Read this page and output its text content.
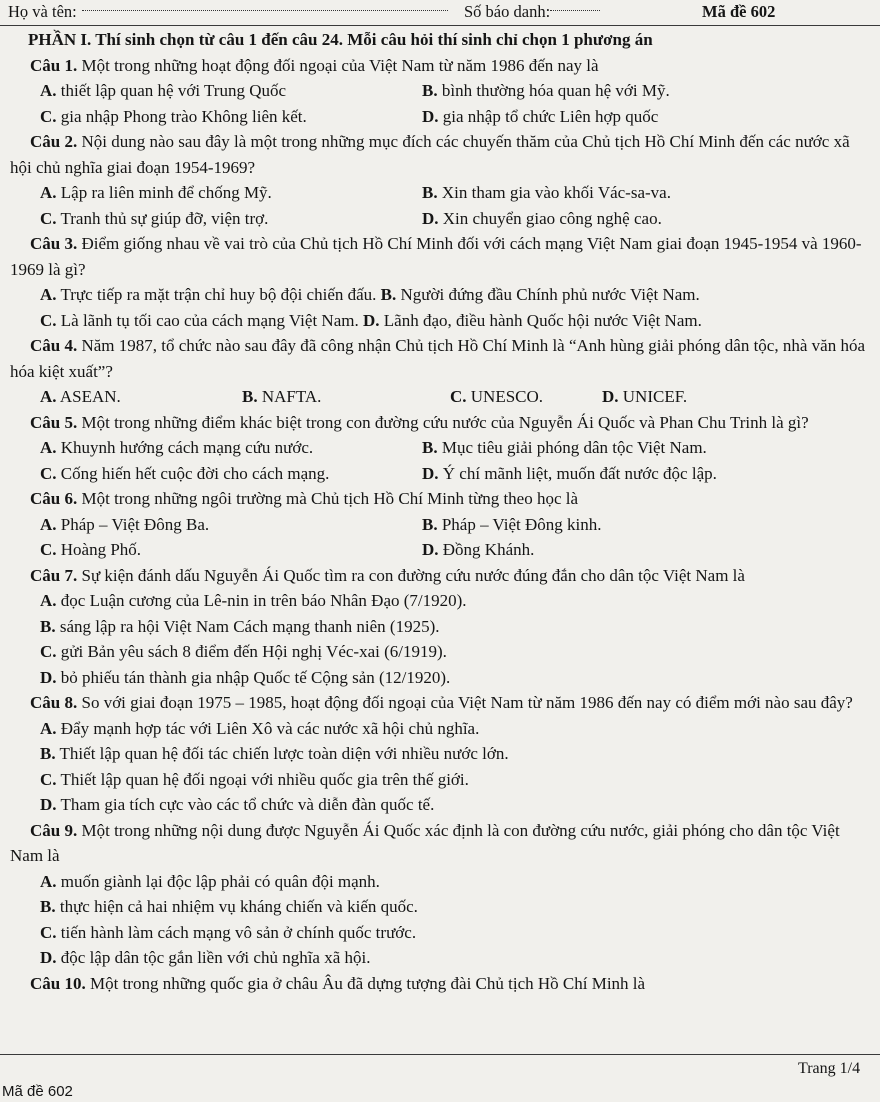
Họ và tên:	Số báo danh:	Mã đề 602

PHẦN I. Thí sinh chọn từ câu 1 đến câu 24. Mỗi câu hỏi thí sinh chỉ chọn 1 phương án

Câu 1. Một trong những hoạt động đối ngoại của Việt Nam từ năm 1986 đến nay là

A. thiết lập quan hệ với Trung Quốc	B. bình thường hóa quan hệ với Mỹ.
C. gia nhập Phong trào Không liên kết.	D. gia nhập tổ chức Liên hợp quốc

Câu 2. Nội dung nào sau đây là một trong những mục đích các chuyến thăm của Chủ tịch Hồ Chí Minh đến các nước xã hội chủ nghĩa giai đoạn 1954-1969?

A. Lập ra liên minh để chống Mỹ.	B. Xin tham gia vào khối Vác-sa-va.
C. Tranh thủ sự giúp đỡ, viện trợ.	D. Xin chuyển giao công nghệ cao.

Câu 3. Điểm giống nhau về vai trò của Chủ tịch Hồ Chí Minh đối với cách mạng Việt Nam giai đoạn 1945-1954 và 1960-1969 là gì?

A. Trực tiếp ra mặt trận chỉ huy bộ đội chiến đấu. B. Người đứng đầu Chính phủ nước Việt Nam.

C. Là lãnh tụ tối cao của cách mạng Việt Nam. D. Lãnh đạo, điều hành Quốc hội nước Việt Nam.

Câu 4. Năm 1987, tổ chức nào sau đây đã công nhận Chủ tịch Hồ Chí Minh là “Anh hùng giải phóng dân tộc, nhà văn hóa hóa kiệt xuất”?

A. ASEAN.	B. NAFTA.	C. UNESCO.	D. UNICEF.

Câu 5. Một trong những điểm khác biệt trong con đường cứu nước của Nguyễn Ái Quốc và Phan Chu Trinh là gì?

A. Khuynh hướng cách mạng cứu nước.	B. Mục tiêu giải phóng dân tộc Việt Nam.
C. Cống hiến hết cuộc đời cho cách mạng.	D. Ý chí mãnh liệt, muốn đất nước độc lập.

Câu 6. Một trong những ngôi trường mà Chủ tịch Hồ Chí Minh từng theo học là

A. Pháp – Việt Đông Ba.	B. Pháp – Việt Đông kinh.
C. Hoàng Phố.	D. Đồng Khánh.

Câu 7. Sự kiện đánh dấu Nguyễn Ái Quốc tìm ra con đường cứu nước đúng đắn cho dân tộc Việt Nam là

A. đọc Luận cương của Lê-nin in trên báo Nhân Đạo (7/1920).

B. sáng lập ra hội Việt Nam Cách mạng thanh niên (1925).

C. gửi Bản yêu sách 8 điểm đến Hội nghị Véc-xai (6/1919).

D. bỏ phiếu tán thành gia nhập Quốc tế Cộng sản (12/1920).

Câu 8. So với giai đoạn 1975 – 1985, hoạt động đối ngoại của Việt Nam từ năm 1986 đến nay có điểm mới nào sau đây?

A. Đẩy mạnh hợp tác với Liên Xô và các nước xã hội chủ nghĩa.

B. Thiết lập quan hệ đối tác chiến lược toàn diện với nhiều nước lớn.

C. Thiết lập quan hệ đối ngoại với nhiều quốc gia trên thế giới.

D. Tham gia tích cực vào các tổ chức và diễn đàn quốc tế.

Câu 9. Một trong những nội dung được Nguyễn Ái Quốc xác định là con đường cứu nước, giải phóng cho dân tộc Việt Nam là

A. muốn giành lại độc lập phải có quân đội mạnh.

B. thực hiện cả hai nhiệm vụ kháng chiến và kiến quốc.

C. tiến hành làm cách mạng vô sản ở chính quốc trước.

D. độc lập dân tộc gắn liền với chủ nghĩa xã hội.

Câu 10. Một trong những quốc gia ở châu Âu đã dựng tượng đài Chủ tịch Hồ Chí Minh là

Trang 1/4
Mã đề 602
